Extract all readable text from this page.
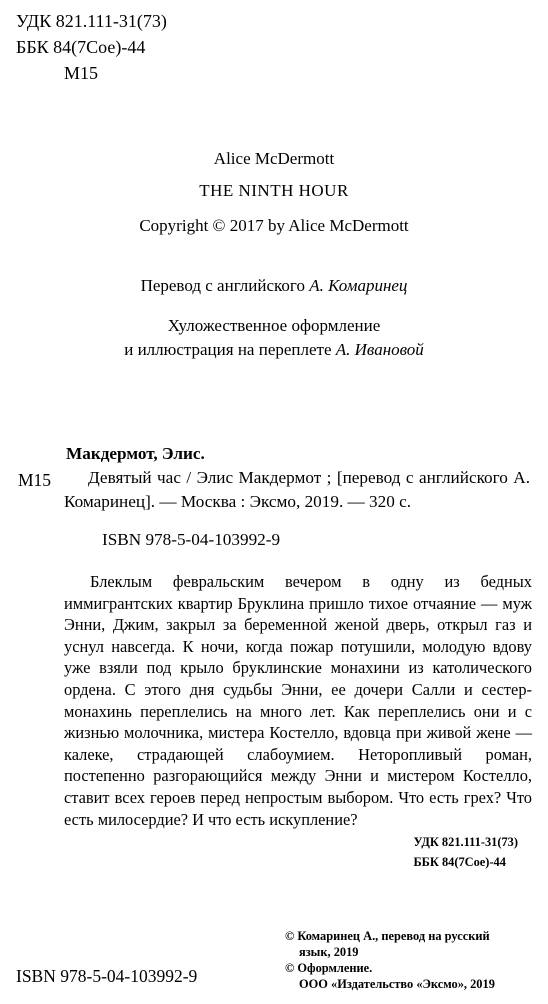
УДК 821.111-31(73)
ББК 84(7Сое)-44
М15
Alice McDermott
THE NINTH HOUR
Copyright © 2017 by Alice McDermott
Перевод с английского А. Комаринец
Хуложественное оформление
и иллюстрация на переплете А. Ивановой
М15
Макдермот, Элис.

Девятый час / Элис Макдермот ; [перевод с английского А. Комаринец]. — Москва : Эксмо, 2019. — 320 с.

ISBN 978-5-04-103992-9

Блеклым февральским вечером в одну из бедных иммигрантских квартир Бруклина пришло тихое отчаяние — муж Энни, Джим, закрыл за беременной женой дверь, открыл газ и уснул навсегда. К ночи, когда пожар потушили, молодую вдову уже взяли под крыло бруклинские монахини из католического ордена. С этого дня судьбы Энни, ее дочери Салли и сестер-монахинь переплелись на много лет. Как переплелись они и с жизнью молочника, мистера Костелло, вдовца при живой жене — калеке, страдающей слабоумием. Неторопливый роман, постепенно разгорающийся между Энни и мистером Костелло, ставит всех героев перед непростым выбором. Что есть грех? Что есть милосердие? И что есть искупление?

УДК 821.111-31(73)
ББК 84(7Сое)-44
© Комаринец А., перевод на русский
язык, 2019
© Оформление.
ООО «Издательство «Эксмо», 2019
ISBN 978-5-04-103992-9
